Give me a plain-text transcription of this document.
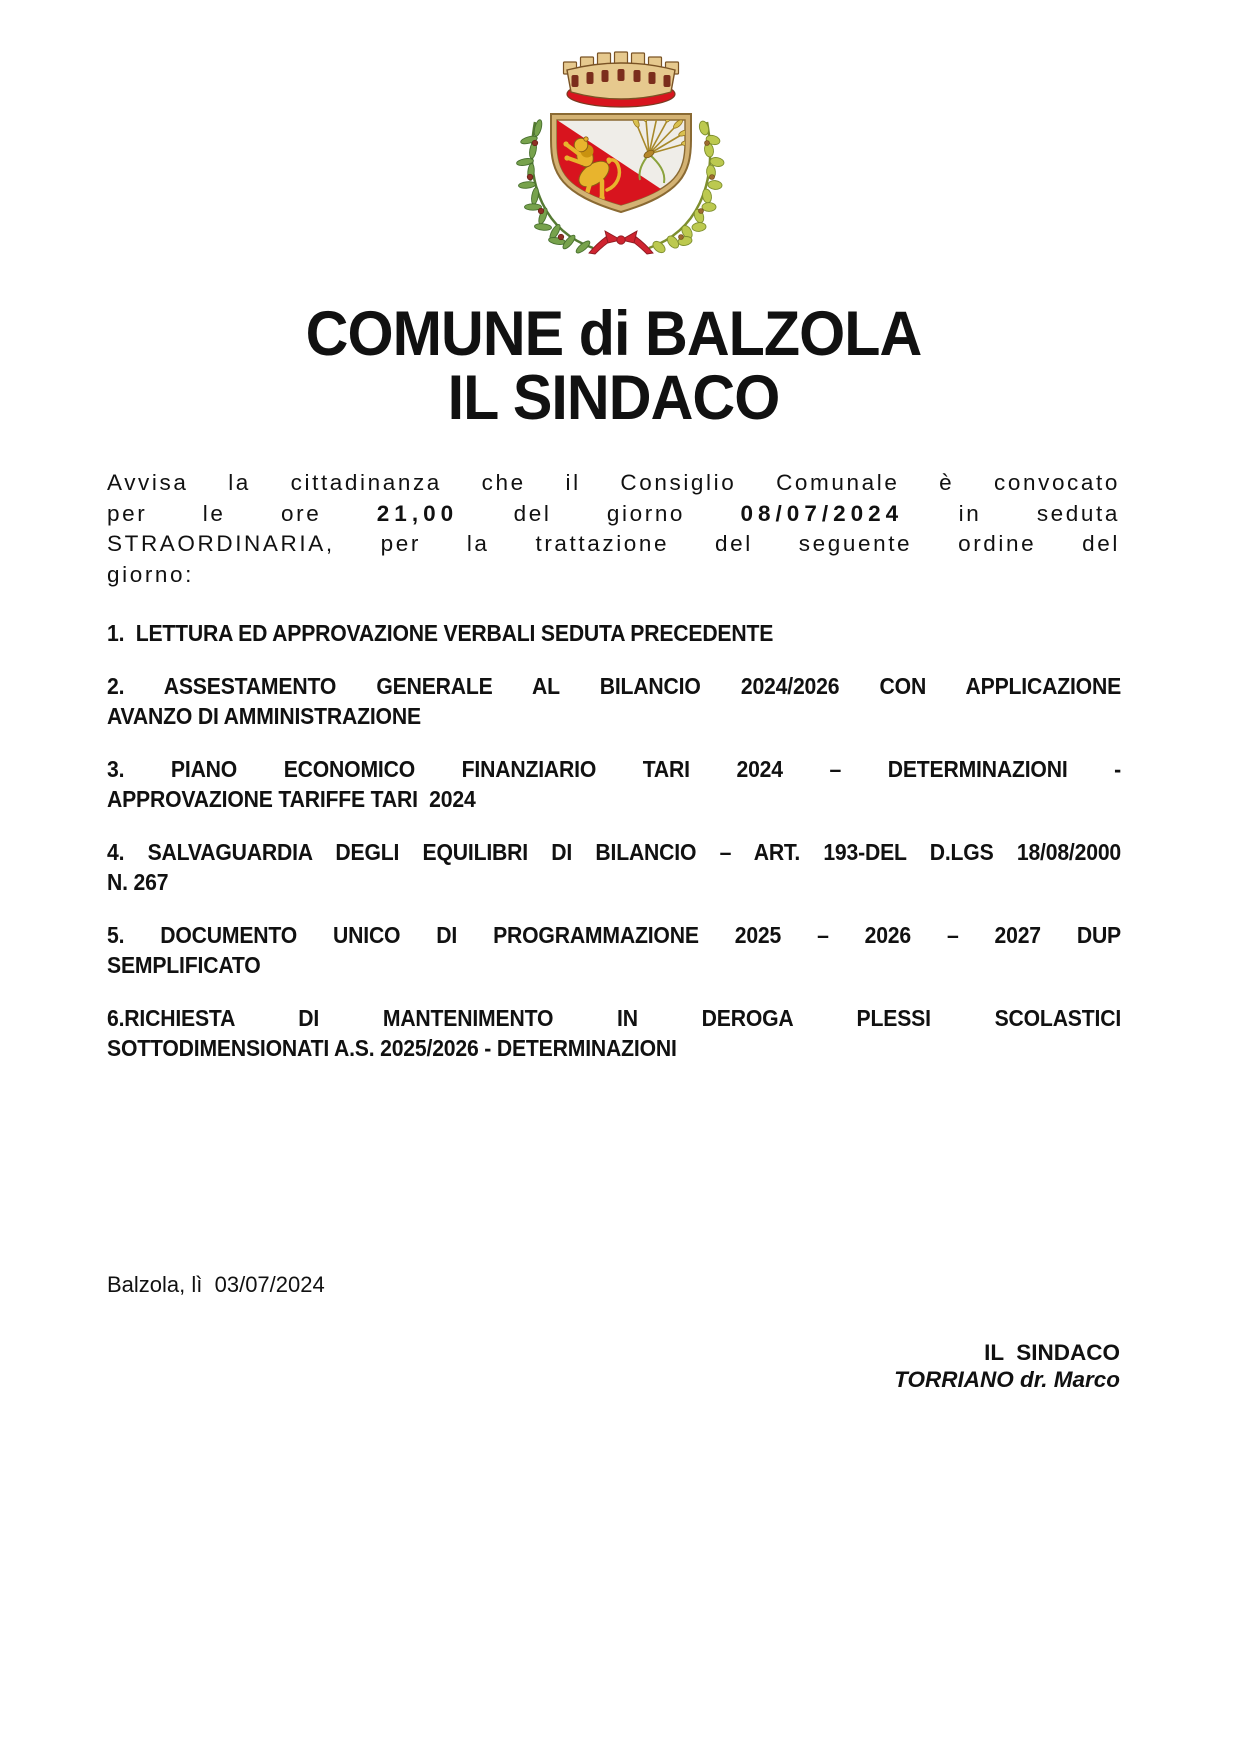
COMUNE di BALZOLA
IL SINDACO
Avvisa la cittadinanza che il Consiglio Comunale è convocato
per le ore 21,00 del giorno 08/07/2024 in seduta
STRAORDINARIA, per la trattazione del seguente ordine del
giorno:
1.  LETTURA ED APPROVAZIONE VERBALI SEDUTA PRECEDENTE
2. ASSESTAMENTO GENERALE AL BILANCIO 2024/2026 CON APPLICAZIONE
AVANZO DI AMMINISTRAZIONE
3. PIANO ECONOMICO FINANZIARIO TARI 2024 – DETERMINAZIONI -
APPROVAZIONE TARIFFE TARI  2024
4. SALVAGUARDIA DEGLI EQUILIBRI DI BILANCIO – ART. 193-DEL D.LGS 18/08/2000
N. 267
5. DOCUMENTO UNICO DI PROGRAMMAZIONE 2025 – 2026 – 2027 DUP
SEMPLIFICATO
6.RICHIESTA DI MANTENIMENTO IN DEROGA PLESSI SCOLASTICI
SOTTODIMENSIONATI A.S. 2025/2026 - DETERMINAZIONI
Balzola, lì  03/07/2024
IL  SINDACO
TORRIANO dr. Marco
